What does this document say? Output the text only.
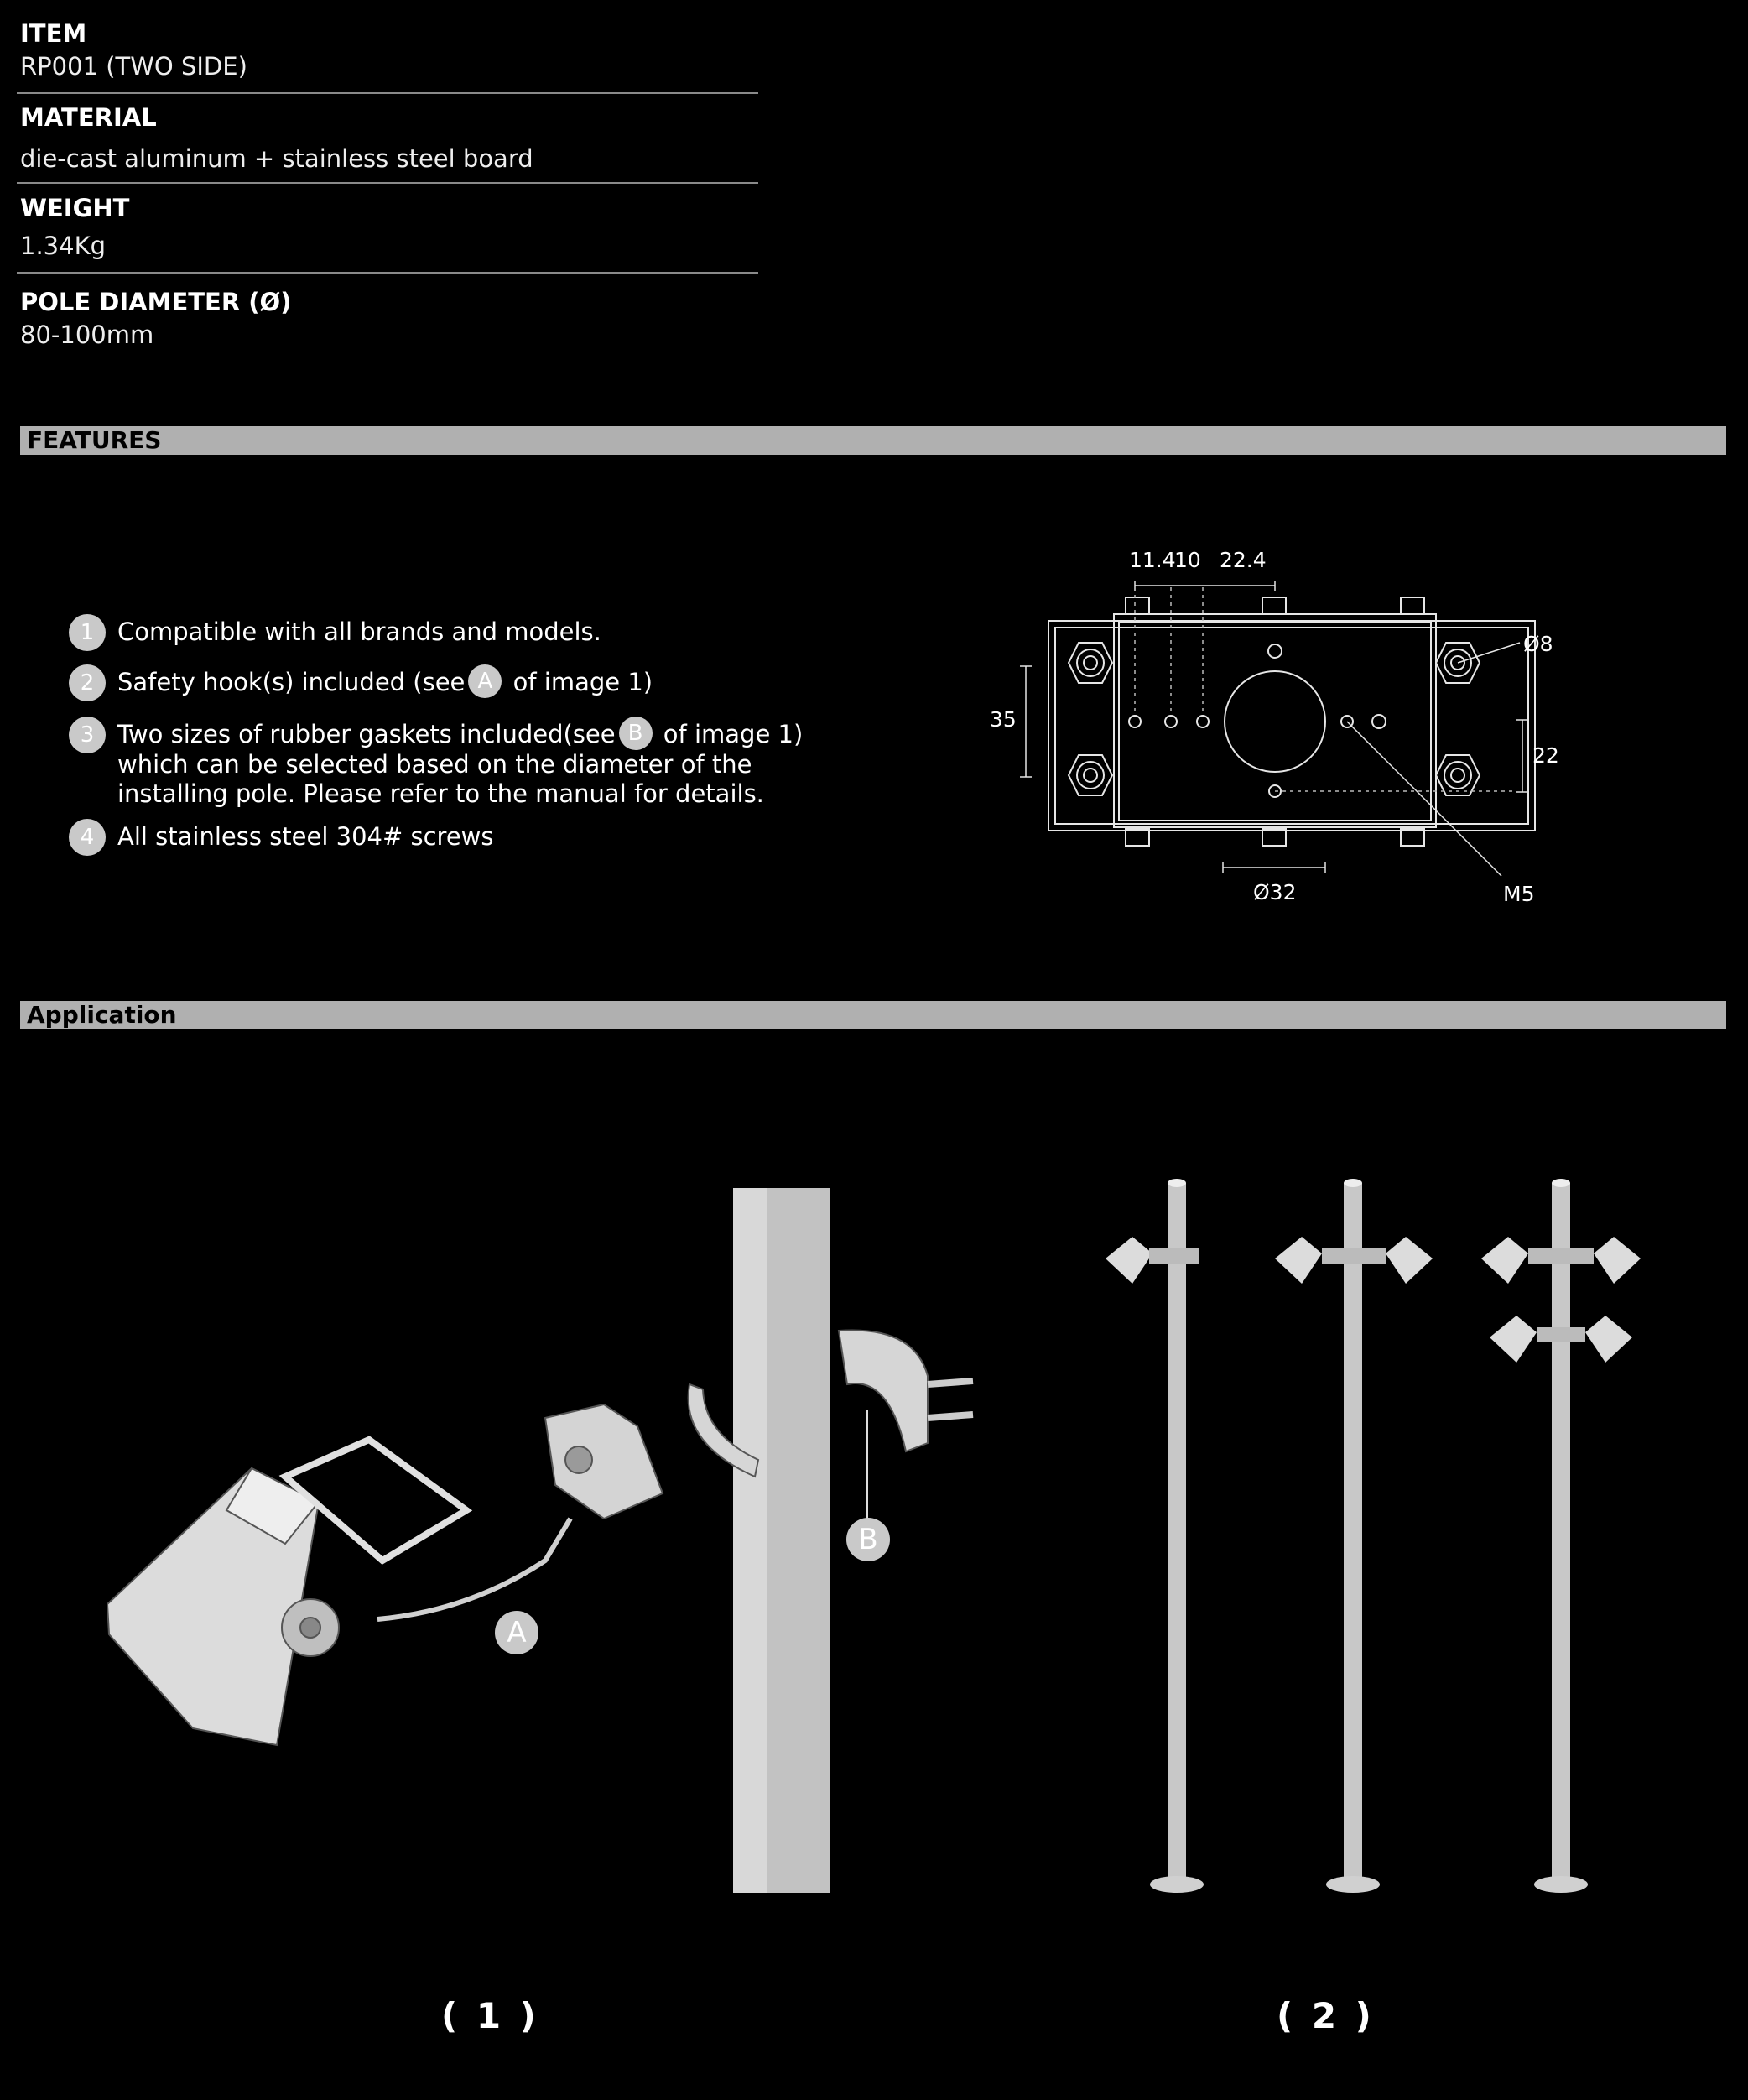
ITEM
RP001 (TWO SIDE)
MATERIAL
die-cast aluminum + stainless steel board
WEIGHT
1.34Kg
POLE DIAMETER (Ø)
80-100mm
FEATURES
1 Compatible with all brands and models.
2 Safety hook(s) included (see A of image 1)
3 Two sizes of rubber gaskets included(see B of image 1)
which can be selected based on the diameter of the
installing pole. Please refer to the manual for details.
4 All stainless steel 304# screws
11.4
10 22.4
35
22
Ø8
Ø32	M5
Application
A
B
( 1 )	( 2 )
